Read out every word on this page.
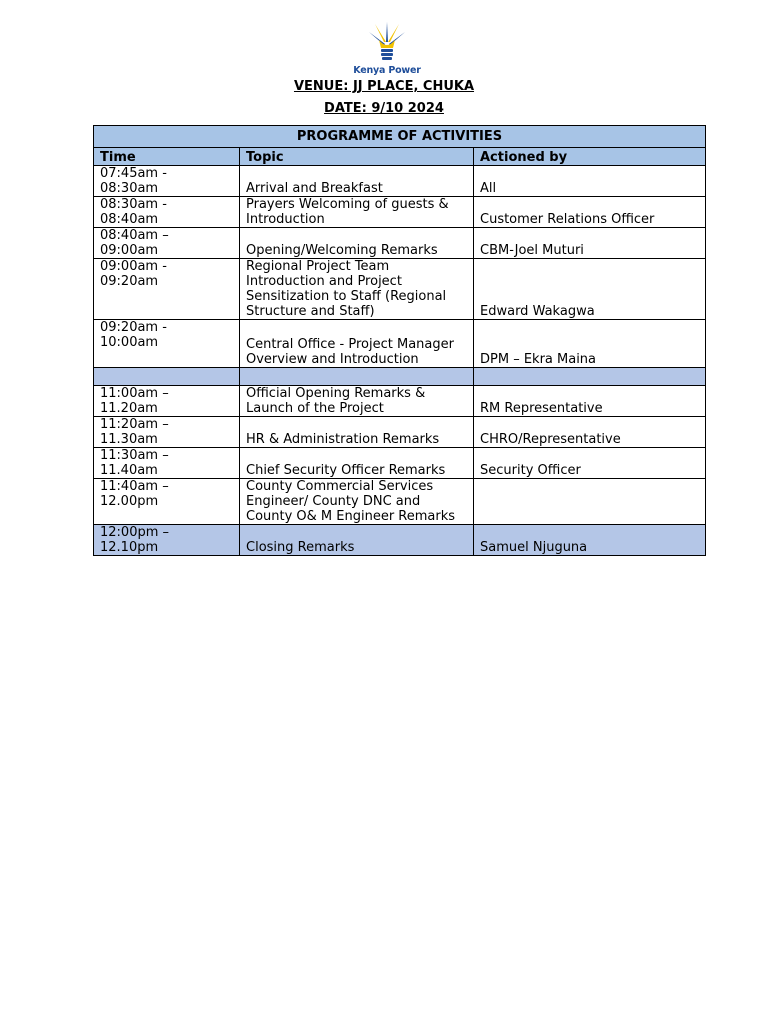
Kenya Power
VENUE: JJ PLACE, CHUKA
DATE: 9/10 2024
PROGRAMME OF ACTIVITIES		
Time	Topic	Actioned by
07:45am -
08:30am	Arrival and Breakfast	All
08:30am -
08:40am	Prayers Welcoming of guests &
Introduction	Customer Relations Officer
08:40am –
09:00am	Opening/Welcoming Remarks	CBM-Joel Muturi
09:00am -
09:20am	Regional Project Team
Introduction and Project
Sensitization to Staff (Regional
Structure and Staff)	Edward Wakagwa
09:20am -
10:00am	Central Office - Project Manager
Overview and Introduction	DPM – Ekra Maina

11:00am –
11.20am	Official Opening Remarks &
Launch of the Project	RM Representative
11:20am –
11.30am	HR & Administration Remarks	CHRO/Representative
11:30am –
11.40am	Chief Security Officer Remarks	Security Officer
11:40am –
12.00pm	County Commercial Services
Engineer/ County DNC and
County O& M Engineer Remarks	
12:00pm –
12.10pm	Closing Remarks	Samuel Njuguna
